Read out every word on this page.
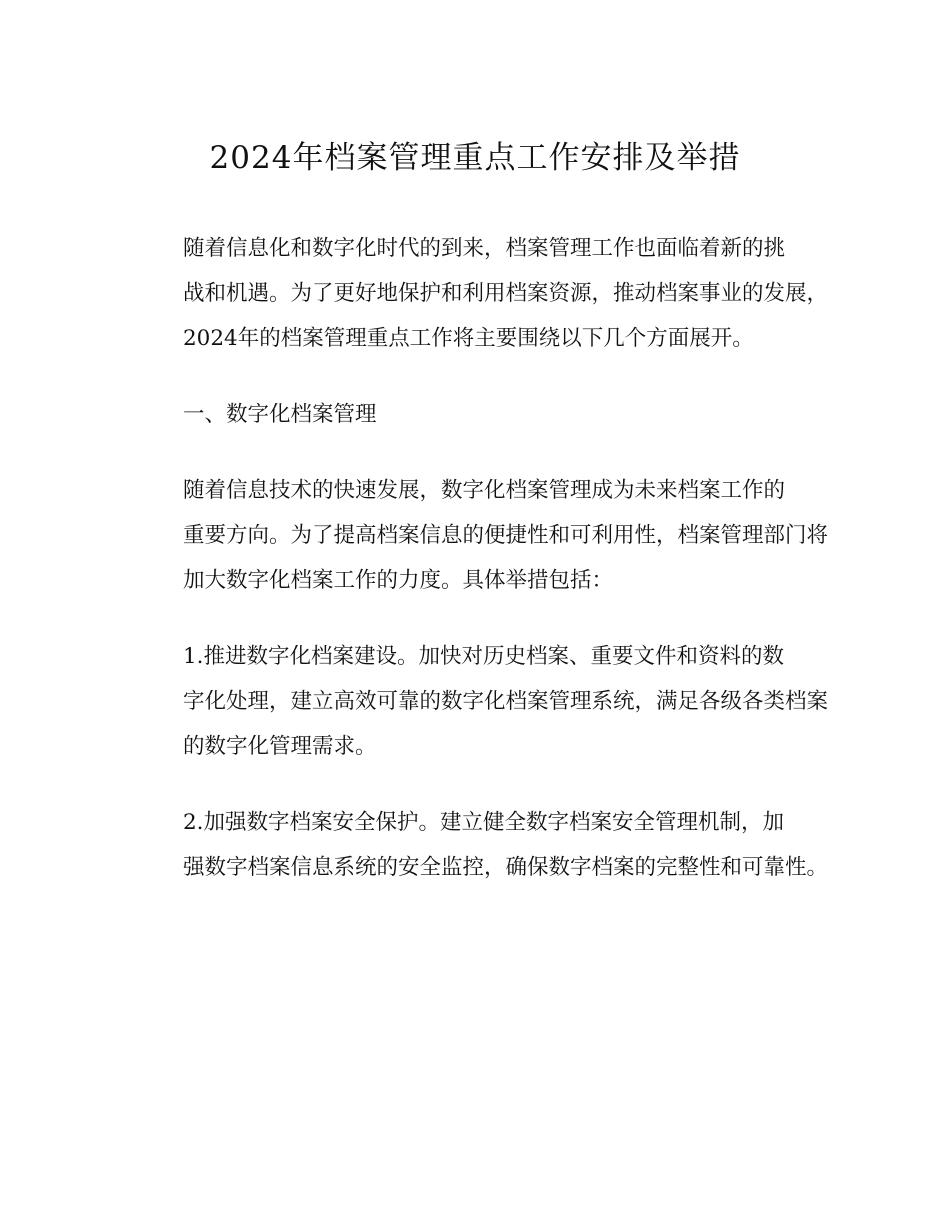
2024年档案管理重点工作安排及举措

随着信息化和数字化时代的到来，档案管理工作也面临着新的挑
战和机遇。为了更好地保护和利用档案资源，推动档案事业的发展，
2024年的档案管理重点工作将主要围绕以下几个方面展开。

一、数字化档案管理

随着信息技术的快速发展，数字化档案管理成为未来档案工作的
重要方向。为了提高档案信息的便捷性和可利用性，档案管理部门将
加大数字化档案工作的力度。具体举措包括：

1.推进数字化档案建设。加快对历史档案、重要文件和资料的数
字化处理，建立高效可靠的数字化档案管理系统，满足各级各类档案
的数字化管理需求。

2.加强数字档案安全保护。建立健全数字档案安全管理机制，加
强数字档案信息系统的安全监控，确保数字档案的完整性和可靠性。
